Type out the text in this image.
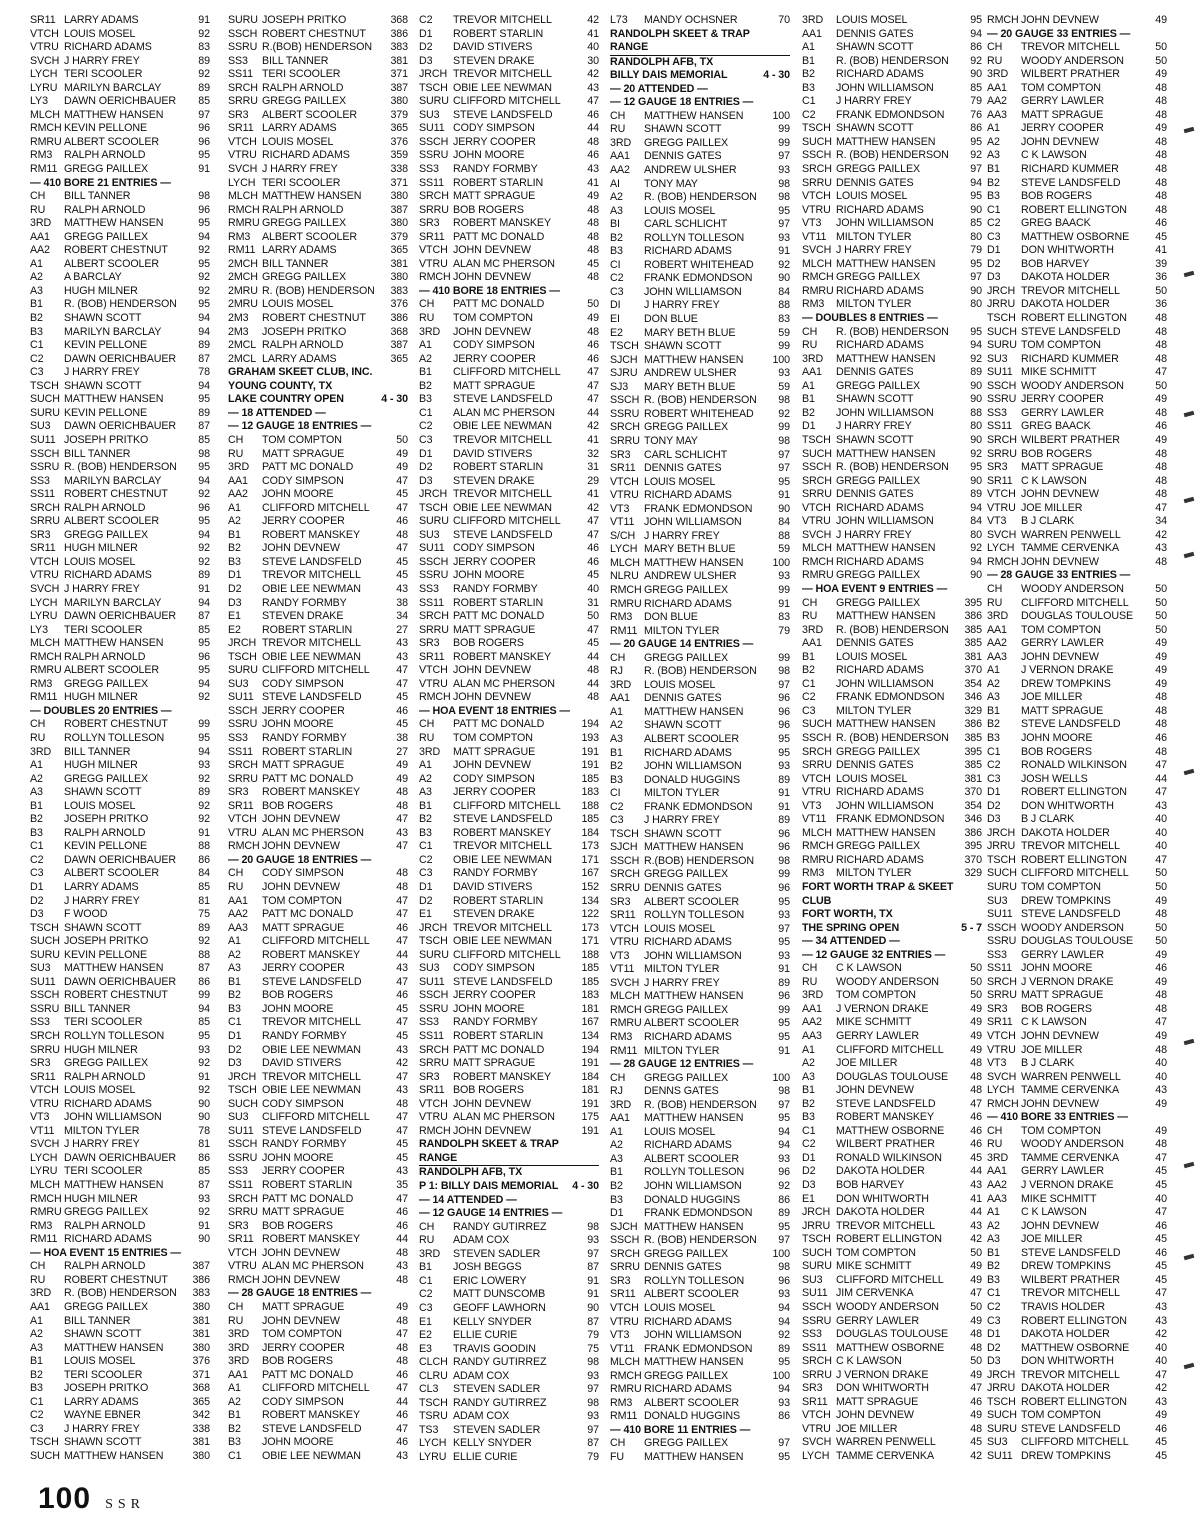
SR11 LARRY ADAMS	91
VTCH LOUIS MOSEL	92
VTRU RICHARD ADAMS	83
SVCH J HARRY FREY	89
LYCH TERI SCOOLER	92
LYRU MARILYN BARCLAY	89
LY3	DAWN OERICHBAUER	85
MLCH MATTHEW HANSEN	97
RMCH KEVIN PELLONE	96
RMRU ALBERT SCOOLER	96
RM3	RALPH ARNOLD	95
RM11 GREGG PAILLEX	91
— 410 BORE 21 ENTRIES —
CH	BILL TANNER	98
RU	RALPH ARNOLD	96
3RD	MATTHEW HANSEN	95
AA1	GREGG PAILLEX	94
AA2	ROBERT CHESTNUT	92
A1	ALBERT SCOOLER	95
A2	A BARCLAY	92
A3	HUGH MILNER	92
B1	R. (BOB) HENDERSON	95
B2	SHAWN SCOTT	94
B3	MARILYN BARCLAY	94
C1	KEVIN PELLONE	89
C2	DAWN OERICHBAUER	87
C3	J HARRY FREY	78
TSCH SHAWN SCOTT	94
SUCH MATTHEW HANSEN	95
SURU KEVIN PELLONE	89
SU3	DAWN OERICHBAUER	87
SU11 JOSEPH PRITKO	85
SSCH BILL TANNER	98
SSRU R. (BOB) HENDERSON	95
SS3	MARILYN BARCLAY	94
SS11 ROBERT CHESTNUT	92
SRCH RALPH ARNOLD	96
SRRU ALBERT SCOOLER	95
SR3	GREGG PAILLEX	94
SR11 HUGH MILNER	92
VTCH LOUIS MOSEL	92
VTRU RICHARD ADAMS	89
SVCH J HARRY FREY	91
LYCH MARILYN BARCLAY	94
LYRU DAWN OERICHBAUER	87
LY3	TERI SCOOLER	85
MLCH MATTHEW HANSEN	95
RMCH RALPH ARNOLD	96
RMRU ALBERT SCOOLER	95
RM3	GREGG PAILLEX	94
RM11 HUGH MILNER	92
— DOUBLES 20 ENTRIES —
CH	ROBERT CHESTNUT	99
RU	ROLLYN TOLLESON	95
3RD	BILL TANNER	94
A1	HUGH MILNER	93
A2	GREGG PAILLEX	92
A3	SHAWN SCOTT	89
B1	LOUIS MOSEL	92
B2	JOSEPH PRITKO	92
B3	RALPH ARNOLD	91
C1	KEVIN PELLONE	88
C2	DAWN OERICHBAUER	86
C3	ALBERT SCOOLER	84
D1	LARRY ADAMS	85
D2	J HARRY FREY	81
D3	F WOOD	75
TSCH SHAWN SCOTT	89
SUCH JOSEPH PRITKO	92
SURU KEVIN PELLONE	88
SU3	MATTHEW HANSEN	87
SU11 DAWN OERICHBAUER	86
SSCH ROBERT CHESTNUT	99
SSRU BILL TANNER	94
SS3	TERI SCOOLER	85
SRCH ROLLYN TOLLESON	95
SRRU HUGH MILNER	93
SR3	GREGG PAILLEX	92
SR11 RALPH ARNOLD	91
VTCH LOUIS MOSEL	92
VTRU RICHARD ADAMS	90
VT3	JOHN WILLIAMSON	90
VT11 MILTON TYLER	78
SVCH J HARRY FREY	81
LYCH DAWN OERICHBAUER	86
LYRU TERI SCOOLER	85
MLCH MATTHEW HANSEN	87
RMCH HUGH MILNER	93
RMRU GREGG PAILLEX	92
RM3	RALPH ARNOLD	91
RM11 RICHARD ADAMS	90
— HOA EVENT 15 ENTRIES —
CH	RALPH ARNOLD	387
RU	ROBERT CHESTNUT	386
3RD	R. (BOB) HENDERSON	383
AA1	GREGG PAILLEX	380
A1	BILL TANNER	381
A2	SHAWN SCOTT	381
A3	MATTHEW HANSEN	380
B1	LOUIS MOSEL	376
B2	TERI SCOOLER	371
B3	JOSEPH PRITKO	368
C1	LARRY ADAMS	365
C2	WAYNE EBNER	342
C3	J HARRY FREY	338
TSCH SHAWN SCOTT	381
SUCH MATTHEW HANSEN	380
SURU JOSEPH PRITKO	368
SSCH ROBERT CHESTNUT	386
SSRU R.(BOB) HENDERSON	383
SS3	BILL TANNER	381
SS11 TERI SCOOLER	371
SRCH RALPH ARNOLD	387
SRRU GREGG PAILLEX	380
SR3	ALBERT SCOOLER	379
SR11 LARRY ADAMS	365
VTCH LOUIS MOSEL	376
VTRU RICHARD ADAMS	359
SVCH J HARRY FREY	338
LYCH TERI SCOOLER	371
MLCH MATTHEW HANSEN	380
RMCH RALPH ARNOLD	387
RMRU GREGG PAILLEX	380
RM3	ALBERT SCOOLER	379
RM11 LARRY ADAMS	365
2MCH BILL TANNER	381
2MCH GREGG PAILLEX	380
2MRU R. (BOB) HENDERSON	383
2MRU LOUIS MOSEL	376
2M3	ROBERT CHESTNUT	386
2M3	JOSEPH PRITKO	368
2MCL RALPH ARNOLD	387
2MCL LARRY ADAMS	365
GRAHAM SKEET CLUB, INC.
YOUNG COUNTY, TX
LAKE COUNTRY OPEN	4 - 30
— 18 ATTENDED —
— 12 GAUGE 18 ENTRIES —
CH	TOM COMPTON	50
RU	MATT SPRAGUE	49
3RD	PATT MC DONALD	49
AA1	CODY SIMPSON	47
AA2	JOHN MOORE	45
A1	CLIFFORD MITCHELL	47
A2	JERRY COOPER	46
B1	ROBERT MANSKEY	48
B2	JOHN DEVNEW	47
B3	STEVE LANDSFELD	45
D1	TREVOR MITCHELL	45
D2	OBIE LEE NEWMAN	43
D3	RANDY FORMBY	38
E1	STEVEN DRAKE	34
E2	ROBERT STARLIN	27
JRCH TREVOR MITCHELL	43
TSCH OBIE LEE NEWMAN	43
SURU CLIFFORD MITCHELL	47
SU3	CODY SIMPSON	47
SU11 STEVE LANDSFELD	45
SSCH JERRY COOPER	46
SSRU JOHN MOORE	45
SS3	RANDY FORMBY	38
SS11 ROBERT STARLIN	27
SRCH MATT SPRAGUE	49
SRRU PATT MC DONALD	49
SR3	ROBERT MANSKEY	48
SR11 BOB ROGERS	48
VTCH JOHN DEVNEW	47
VTRU ALAN MC PHERSON	43
RMCH JOHN DEVNEW	47
— 20 GAUGE 18 ENTRIES —
CH	CODY SIMPSON	48
RU	JOHN DEVNEW	48
AA1	TOM COMPTON	47
AA2	PATT MC DONALD	47
AA3	MATT SPRAGUE	46
A1	CLIFFORD MITCHELL	47
A2	ROBERT MANSKEY	44
A3	JERRY COOPER	43
B1	STEVE LANDSFELD	47
B2	BOB ROGERS	46
B3	JOHN MOORE	45
C1	TREVOR MITCHELL	47
D1	RANDY FORMBY	45
D2	OBIE LEE NEWMAN	43
D3	DAVID STIVERS	42
JRCH TREVOR MITCHELL	47
TSCH OBIE LEE NEWMAN	43
SUCH CODY SIMPSON	48
SU3	CLIFFORD MITCHELL	47
SU11 STEVE LANDSFELD	47
SSCH RANDY FORMBY	45
SSRU JOHN MOORE	45
SS3	JERRY COOPER	43
SS11 ROBERT STARLIN	35
SRCH PATT MC DONALD	47
SRRU MATT SPRAGUE	46
SR3	BOB ROGERS	46
SR11 ROBERT MANSKEY	44
VTCH JOHN DEVNEW	48
VTRU ALAN MC PHERSON	43
RMCH JOHN DEVNEW	48
— 28 GAUGE 18 ENTRIES —
CH	MATT SPRAGUE	49
RU	JOHN DEVNEW	48
3RD	TOM COMPTON	47
3RD	JERRY COOPER	48
3RD	BOB ROGERS	48
AA1	PATT MC DONALD	46
A1	CLIFFORD MITCHELL	47
A2	CODY SIMPSON	44
B1	ROBERT MANSKEY	46
B2	STEVE LANDSFELD	47
B3	JOHN MOORE	46
C1	OBIE LEE NEWMAN	43
C2	TREVOR MITCHELL	42
D1	ROBERT STARLIN	41
D2	DAVID STIVERS	40
D3	STEVEN DRAKE	30
JRCH TREVOR MITCHELL	42
TSCH OBIE LEE NEWMAN	43
SURU CLIFFORD MITCHELL	47
SU3	STEVE LANDSFELD	46
SU11 CODY SIMPSON	44
SSCH JERRY COOPER	48
SSRU JOHN MOORE	46
SS3	RANDY FORMBY	43
SS11 ROBERT STARLIN	41
SRCH MATT SPRAGUE	49
SRRU BOB ROGERS	48
SR3	ROBERT MANSKEY	48
SR11 PATT MC DONALD	48
VTCH JOHN DEVNEW	48
VTRU ALAN MC PHERSON	45
RMCH JOHN DEVNEW	48
— 410 BORE 18 ENTRIES —
CH	PATT MC DONALD	50
RU	TOM COMPTON	49
3RD	JOHN DEVNEW	48
A1	CODY SIMPSON	46
A2	JERRY COOPER	46
B1	CLIFFORD MITCHELL	47
B2	MATT SPRAGUE	47
B3	STEVE LANDSFELD	47
C1	ALAN MC PHERSON	44
C2	OBIE LEE NEWMAN	42
C3	TREVOR MITCHELL	41
D1	DAVID STIVERS	32
D2	ROBERT STARLIN	31
D3	STEVEN DRAKE	29
JRCH TREVOR MITCHELL	41
TSCH OBIE LEE NEWMAN	42
SURU CLIFFORD MITCHELL	47
SU3	STEVE LANDSFELD	47
SU11 CODY SIMPSON	46
SSCH JERRY COOPER	46
SSRU JOHN MOORE	45
SS3	RANDY FORMBY	40
SS11 ROBERT STARLIN	31
SRCH PATT MC DONALD	50
SRRU MATT SPRAGUE	47
SR3	BOB ROGERS	45
SR11 ROBERT MANSKEY	44
VTCH JOHN DEVNEW	48
VTRU ALAN MC PHERSON	44
RMCH JOHN DEVNEW	48
— HOA EVENT 18 ENTRIES —
CH	PATT MC DONALD	194
RU	TOM COMPTON	193
3RD	MATT SPRAGUE	191
A1	JOHN DEVNEW	191
A2	CODY SIMPSON	185
A3	JERRY COOPER	183
B1	CLIFFORD MITCHELL	188
B2	STEVE LANDSFELD	185
B3	ROBERT MANSKEY	184
C1	TREVOR MITCHELL	173
C2	OBIE LEE NEWMAN	171
C3	RANDY FORMBY	167
D1	DAVID STIVERS	152
D2	ROBERT STARLIN	134
E1	STEVEN DRAKE	122
JRCH TREVOR MITCHELL	173
TSCH OBIE LEE NEWMAN	171
SURU CLIFFORD MITCHELL	188
SU3	CODY SIMPSON	185
SU11 STEVE LANDSFELD	185
SSCH JERRY COOPER	183
SSRU JOHN MOORE	181
SS3	RANDY FORMBY	167
SS11 ROBERT STARLIN	134
SRCH PATT MC DONALD	194
SRRU MATT SPRAGUE	191
SR3	ROBERT MANSKEY	184
SR11 BOB ROGERS	181
VTCH JOHN DEVNEW	191
VTRU ALAN MC PHERSON	175
RMCH JOHN DEVNEW	191
RANDOLPH SKEET & TRAP
RANGE
RANDOLPH AFB, TX
P 1: BILLY DAIS MEMORIAL	4 - 30
— 14 ATTENDED —
— 12 GAUGE 14 ENTRIES —
CH	RANDY GUTIRREZ	98
RU	ADAM COX	93
3RD	STEVEN SADLER	97
B1	JOSH BEGGS	87
C1	ERIC LOWERY	91
C2	MATT DUNSCOMB	91
C3	GEOFF LAWHORN	90
E1	KELLY SNYDER	87
E2	ELLIE CURIE	79
E3	TRAVIS GOODIN	75
CLCH RANDY GUTIRREZ	98
CLRU ADAM COX	93
CL3	STEVEN SADLER	97
TSCH RANDY GUTIRREZ	98
TSRU ADAM COX	93
TS3	STEVEN SADLER	97
LYCH KELLY SNYDER	87
LYRU ELLIE CURIE	79
L73	MANDY OCHSNER	70
RANDOLPH SKEET & TRAP
RANGE
RANDOLPH AFB, TX
BILLY DAIS MEMORIAL	4 - 30
— 20 ATTENDED —
— 12 GAUGE 18 ENTRIES —
CH	MATTHEW HANSEN	100
RU	SHAWN SCOTT	99
3RD	GREGG PAILLEX	99
AA1	DENNIS GATES	97
AA2	ANDREW ULSHER	93
AI	TONY MAY	98
A2	R. (BOB) HENDERSON	98
A3	LOUIS MOSEL	95
BI	CARL SCHLICHT	97
B2	ROLLYN TOLLESON	93
B3	RICHARD ADAMS	91
CI	ROBERT WHITEHEAD	92
C2	FRANK EDMONDSON	90
C3	JOHN WILLIAMSON	84
DI	J HARRY FREY	88
EI	DON BLUE	83
E2	MARY BETH BLUE	59
TSCH SHAWN SCOTT	99
SJCH MATTHEW HANSEN	100
SJRU ANDREW ULSHER	93
SJ3	MARY BETH BLUE	59
SSCH R. (BOB) HENDERSON	98
SSRU ROBERT WHITEHEAD	92
SRCH GREGG PAILLEX	99
SRRU TONY MAY	98
SR3	CARL SCHLICHT	97
SR11 DENNIS GATES	97
VTCH LOUIS MOSEL	95
VTRU RICHARD ADAMS	91
VT3	FRANK EDMONDSON	90
VT11 JOHN WILLIAMSON	84
S/CH J HARRY FREY	88
LYCH MARY BETH BLUE	59
MLCH MATTHEW HANSEN	100
NLRU ANDREW ULSHER	93
RMCH GREGG PAILLEX	99
RMRU RICHARD ADAMS	91
RM3	DON BLUE	83
RM11 MILTON TYLER	79
— 20 GAUGE 14 ENTRIES —
CH	GREGG PAILLEX	99
RJ	R. (BOB) HENDERSON	98
3RD	LOUIS MOSEL	97
AA1	DENNIS GATES	96
A1	MATTHEW HANSEN	96
A2	SHAWN SCOTT	96
A3	ALBERT SCOOLER	95
B1	RICHARD ADAMS	95
B2	JOHN WILLIAMSON	93
B3	DONALD HUGGINS	89
CI	MILTON TYLER	91
C2	FRANK EDMONDSON	91
C3	J HARRY FREY	89
TSCH SHAWN SCOTT	96
SJCH MATTHEW HANSEN	96
SSCH R.(BOB) HENDERSON	98
SRCH GREGG PAILLEX	99
SRRU DENNIS GATES	96
SR3	ALBERT SCOOLER	95
SR11 ROLLYN TOLLESON	93
VTCH LOUIS MOSEL	97
VTRU RICHARD ADAMS	95
VT3	JOHN WILLIAMSON	93
VT11 MILTON TYLER	91
SVCH J HARRY FREY	89
MLCH MATTHEW HANSEN	96
RMCH GREGG PAILLEX	99
RMRU ALBERT SCOOLER	95
RM3	RICHARD ADAMS	95
RM11 MILTON TYLER	91
— 28 GAUGE 12 ENTRIES —
CH	GREGG PAILLEX	100
RJ	DENNS GATES	98
3RD	R. (BOB) HENDERSON	97
AA1	MATTHEW HANSEN	95
A1	LOUIS MOSEL	94
A2	RICHARD ADAMS	94
A3	ALBERT SCOOLER	93
B1	ROLLYN TOLLESON	96
B2	JOHN WILLIAMSON	92
B3	DONALD HUGGINS	86
D1	FRANK EDMONDSON	89
SJCH MATTHEW HANSEN	95
SSCH R. (BOB) HENDERSON	97
SRCH GREGG PAILLEX	100
SRRU DENNIS GATES	98
SR3	ROLLYN TOLLESON	96
SR11 ALBERT SCOOLER	93
VTCH LOUIS MOSEL	94
VTRU RICHARD ADAMS	94
VT3	JOHN WILLIAMSON	92
VT11 FRANK EDMONDSON	89
MLCH MATTHEW HANSEN	95
RMCH GREGG PAILLEX	100
RMRU RICHARD ADAMS	94
RM3	ALBERT SCOOLER	93
RM11 DONALD HUGGINS	86
— 410 BORE 11 ENTRIES —
CH	GREGG PAILLEX	97
FU	MATTHEW HANSEN	95
3RD	LOUIS MOSEL	95
AA1	DENNIS GATES	94
A1	SHAWN SCOTT	86
B1	R. (BOB) HENDERSON	92
B2	RICHARD ADAMS	90
B3	JOHN WILLIAMSON	85
C1	J HARRY FREY	79
C2	FRANK EDMONDSON	76
TSCH SHAWN SCOTT	86
SUCH MATTHEW HANSEN	95
SSCH R. (BOB) HENDERSON	92
SRCH GREGG PAILLEX	97
SRRU DENNIS GATES	94
VTCH LOUIS MOSEL	95
VTRU RICHARD ADAMS	90
VT3	JOHN WILLIAMSON	85
VT11 MILTON TYLER	80
SVCH J HARRY FREY	79
MLCH MATTHEW HANSEN	95
RMCH GREGG PAILLEX	97
RMRU RICHARD ADAMS	90
RM3	MILTON TYLER	80
— DOUBLES 8 ENTRIES —
CH	R. (BOB) HENDERSON	95
RU	RICHARD ADAMS	94
3RD	MATTHEW HANSEN	92
AA1	DENNIS GATES	89
A1	GREGG PAILLEX	90
B1	SHAWN SCOTT	90
B2	JOHN WILLIAMSON	88
D1	J HARRY FREY	80
TSCH SHAWN SCOTT	90
SUCH MATTHEW HANSEN	92
SSCH R. (BOB) HENDERSON	95
SRCH GREGG PAILLEX	90
SRRU DENNIS GATES	89
VTCH RICHARD ADAMS	94
VTRU JOHN WILLIAMSON	84
SVCH J HARRY FREY	80
MLCH MATTHEW HANSEN	92
RMCH RICHARD ADAMS	94
RMRU GREGG PAILLEX	90
— HOA EVENT 9 ENTRIES —
CH	GREGG PAILLEX	395
RU	MATTHEW HANSEN	386
3RD	R. (BOB) HENDERSON	385
AA1	DENNIS GATES	385
B1	LOUIS MOSEL	381
B2	RICHARD ADAMS	370
C1	JOHN WILLIAMSON	354
C2	FRANK EDMONDSON	346
C3	MILTON TYLER	329
SUCH MATTHEW HANSEN	386
SSCH R. (BOB) HENDERSON	385
SRCH GREGG PAILLEX	395
SRRU DENNIS GATES	385
VTCH LOUIS MOSEL	381
VTRU RICHARD ADAMS	370
VT3	JOHN WILLIAMSON	354
VT11 FRANK EDMONDSON	346
MLCH MATTHEW HANSEN	386
RMCH GREGG PAILLEX	395
RMRU RICHARD ADAMS	370
RM3	MILTON TYLER	329
FORT WORTH TRAP & SKEET
CLUB
FORT WORTH, TX
THE SPRING OPEN	5 - 7
— 34 ATTENDED —
— 12 GAUGE 32 ENTRIES —
CH	C K LAWSON	50
RU	WOODY ANDERSON	50
3RD	TOM COMPTON	50
AA1	J VERNON DRAKE	49
AA2	MIKE SCHMITT	49
AA3	GERRY LAWLER	49
A1	CLIFFORD MITCHELL	49
A2	JOE MILLER	48
A3	DOUGLAS TOULOUSE	48
B1	JOHN DEVNEW	48
B2	STEVE LANDSFELD	47
B3	ROBERT MANSKEY	46
C1	MATTHEW OSBORNE	46
C2	WILBERT PRATHER	46
D1	RONALD WILKINSON	45
D2	DAKOTA HOLDER	44
D3	BOB HARVEY	43
E1	DON WHITWORTH	41
JRCH DAKOTA HOLDER	44
JRRU TREVOR MITCHELL	43
TSCH ROBERT ELLINGTON	42
SUCH TOM COMPTON	50
SURU MIKE SCHMITT	49
SU3	CLIFFORD MITCHELL	49
SU11 JIM CERVENKA	47
SSCH WOODY ANDERSON	50
SSRU GERRY LAWLER	49
SS3	DOUGLAS TOULOUSE	48
SS11 MATTHEW OSBORNE	48
SRCH C K LAWSON	50
SRRU J VERNON DRAKE	49
SR3	DON WHITWORTH	47
SR11 MATT SPRAGUE	46
VTCH JOHN DEVNEW	49
VTRU JOE MILLER	48
SVCH WARREN PENWELL	45
LYCH TAMME CERVENKA	42
RMCH JOHN DEVNEW	49
— 20 GAUGE 33 ENTRIES —
CH	TREVOR MITCHELL	50
RU	WOODY ANDERSON	50
3RD	WILBERT PRATHER	49
AA1	TOM COMPTON	48
AA2	GERRY LAWLER	48
AA3	MATT SPRAGUE	48
A1	JERRY COOPER	49
A2	JOHN DEVNEW	48
A3	C K LAWSON	48
B1	RICHARD KUMMER	48
B2	STEVE LANDSFELD	48
B3	BOB ROGERS	48
C1	ROBERT ELLINGTON	48
C2	GREG BAACK	46
C3	MATTHEW OSBORNE	45
D1	DON WHITWORTH	41
D2	BOB HARVEY	39
D3	DAKOTA HOLDER	36
JRCH TREVOR MITCHELL	50
JRRU DAKOTA HOLDER	36
TSCH ROBERT ELLINGTON	48
SUCH STEVE LANDSFELD	48
SURU TOM COMPTON	48
SU3	RICHARD KUMMER	48
SU11 MIKE SCHMITT	47
SSCH WOODY ANDERSON	50
SSRU JERRY COOPER	49
SS3	GERRY LAWLER	48
SS11 GREG BAACK	46
SRCH WILBERT PRATHER	49
SRRU BOB ROGERS	48
SR3	MATT SPRAGUE	48
SR11 C K LAWSON	48
VTCH JOHN DEVNEW	48
VTRU JOE MILLER	47
VT3	B J CLARK	34
SVCH WARREN PENWELL	42
LYCH TAMME CERVENKA	43
RMCH JOHN DEVNEW	48
— 28 GAUGE 33 ENTRIES —
CH	WOODY ANDERSON	50
RU	CLIFFORD MITCHELL	50
3RD	DOUGLAS TOULOUSE	50
AA1	TOM COMPTON	50
AA2	GERRY LAWLER	49
AA3	JOHN DEVNEW	49
A1	J VERNON DRAKE	49
A2	DREW TOMPKINS	49
A3	JOE MILLER	48
B1	MATT SPRAGUE	48
B2	STEVE LANDSFELD	48
B3	JOHN MOORE	46
C1	BOB ROGERS	48
C2	RONALD WILKINSON	47
C3	JOSH WELLS	44
D1	ROBERT ELLINGTON	47
D2	DON WHITWORTH	43
D3	B J CLARK	40
JRCH DAKOTA HOLDER	40
JRRU TREVOR MITCHELL	40
TSCH ROBERT ELLINGTON	47
SUCH CLIFFORD MITCHELL	50
SURU TOM COMPTON	50
SU3	DREW TOMPKINS	49
SU11 STEVE LANDSFELD	48
SSCH WOODY ANDERSON	50
SSRU DOUGLAS TOULOUSE	50
SS3	GERRY LAWLER	49
SS11 JOHN MOORE	46
SRCH J VERNON DRAKE	49
SRRU MATT SPRAGUE	48
SR3	BOB ROGERS	48
SR11 C K LAWSON	47
VTCH JOHN DEVNEW	49
VTRU JOE MILLER	48
VT3	B J CLARK	40
SVCH WARREN PENWELL	40
LYCH TAMME CERVENKA	43
RMCH JOHN DEVNEW	49
— 410 BORE 33 ENTRIES —
CH	TOM COMPTON	49
RU	WOODY ANDERSON	48
3RD	TAMME CERVENKA	47
AA1	GERRY LAWLER	45
AA2	J VERNON DRAKE	45
AA3	MIKE SCHMITT	40
A1	C K LAWSON	47
A2	JOHN DEVNEW	46
A3	JOE MILLER	45
B1	STEVE LANDSFELD	46
B2	DREW TOMPKINS	45
B3	WILBERT PRATHER	45
C1	TREVOR MITCHELL	47
C2	TRAVIS HOLDER	43
C3	ROBERT ELLINGTON	43
D1	DAKOTA HOLDER	42
D2	MATTHEW OSBORNE	40
D3	DON WHITWORTH	40
JRCH TREVOR MITCHELL	47
JRRU DAKOTA HOLDER	42
TSCH ROBERT ELLINGTON	43
SUCH TOM COMPTON	49
SURU STEVE LANDSFELD	46
SU3	CLIFFORD MITCHELL	45
SU11 DREW TOMPKINS	45
100 SSR
